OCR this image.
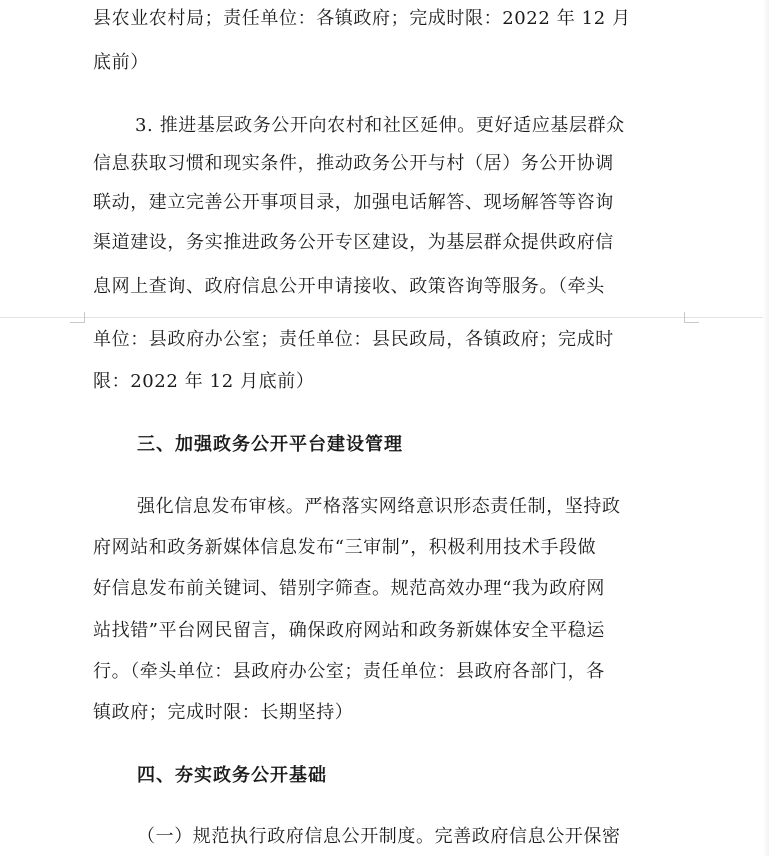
县农业农村局；责任单位：各镇政府；完成时限：2022 年 12 月
底前）
3. 推进基层政务公开向农村和社区延伸。更好适应基层群众
信息获取习惯和现实条件，推动政务公开与村（居）务公开协调
联动，建立完善公开事项目录，加强电话解答、现场解答等咨询
渠道建设，务实推进政务公开专区建设，为基层群众提供政府信
息网上查询、政府信息公开申请接收、政策咨询等服务。（牵头
单位：县政府办公室；责任单位：县民政局，各镇政府；完成时
限：2022 年 12 月底前）
三、加强政务公开平台建设管理
强化信息发布审核。严格落实网络意识形态责任制，坚持政
府网站和政务新媒体信息发布“三审制”，积极利用技术手段做
好信息发布前关键词、错别字筛查。规范高效办理“我为政府网
站找错”平台网民留言，确保政府网站和政务新媒体安全平稳运
行。（牵头单位：县政府办公室；责任单位：县政府各部门，各
镇政府；完成时限：长期坚持）
四、夯实政务公开基础
（一）规范执行政府信息公开制度。完善政府信息公开保密
